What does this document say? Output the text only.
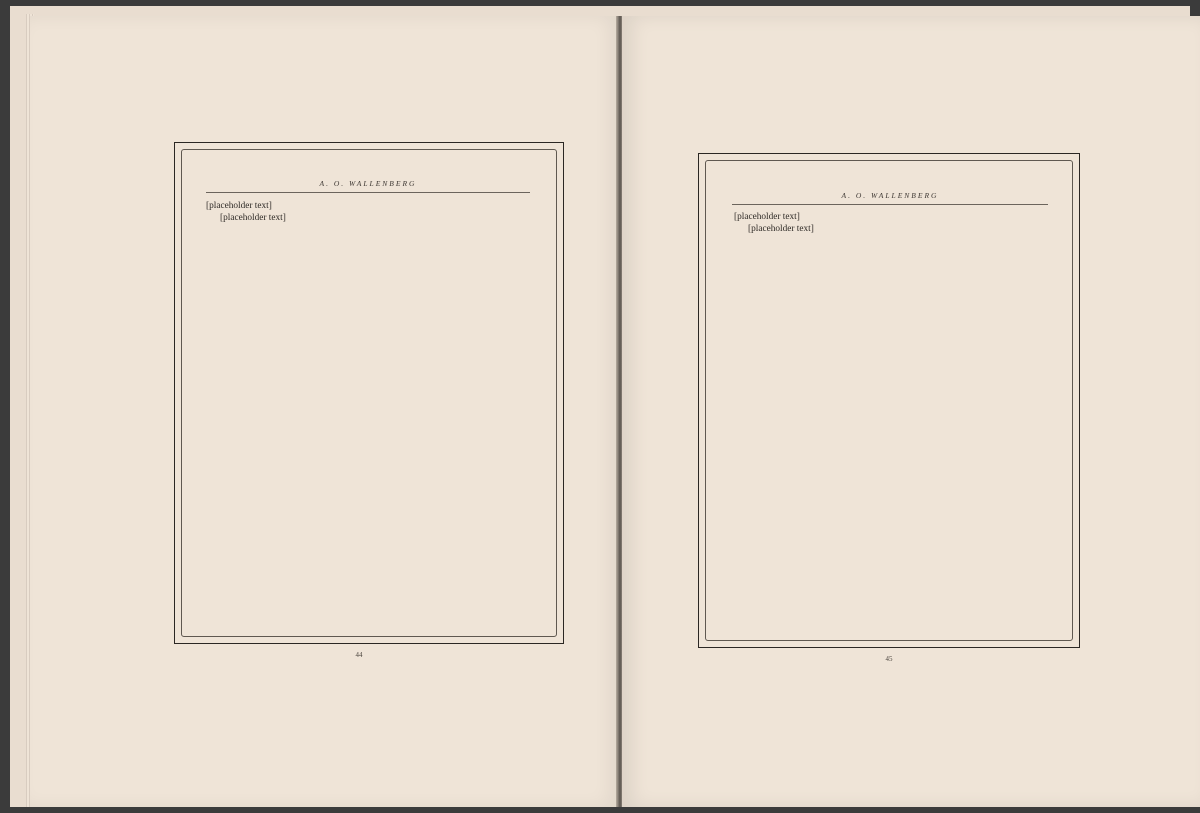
A. O. WALLENBERG

[placeholder text]

[placeholder text]

44
A. O. WALLENBERG

[placeholder text]

[placeholder text]

45
